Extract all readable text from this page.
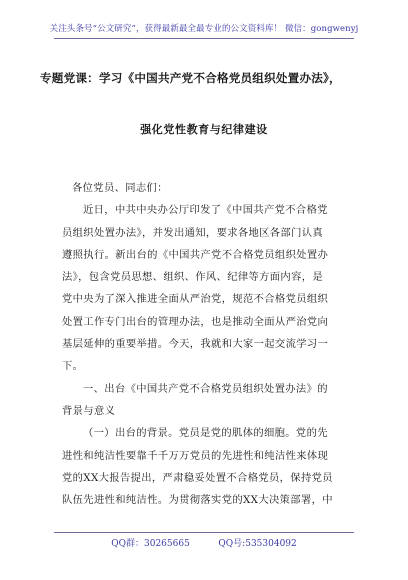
关注头条号“公文研究”，获得最新最全最专业的公文资料库！ 微信：gongwenyj
专题党课：学习《中国共产党不合格党员组织处置办法》，
强化党性教育与纪律建设
各位党员、同志们：
近日，中共中央办公厅印发了《中国共产党不合格党
员组织处置办法》，并发出通知，要求各地区各部门认真
遵照执行。新出台的《中国共产党不合格党员组织处置办
法》，包含党员思想、组织、作风、纪律等方面内容，是
党中央为了深入推进全面从严治党，规范不合格党员组织
处置工作专门出台的管理办法，也是推动全面从严治党向
基层延伸的重要举措。今天，我就和大家一起交流学习一
下。
一、出台《中国共产党不合格党员组织处置办法》的
背景与意义
（一）出台的背景。党员是党的肌体的细胞。党的先
进性和纯洁性要靠千千万万党员的先进性和纯洁性来体现
党的XX大报告提出，严肃稳妥处置不合格党员，保持党员
队伍先进性和纯洁性。为贯彻落实党的XX大决策部署，中
QQ群：30265665          QQ号:535304092
